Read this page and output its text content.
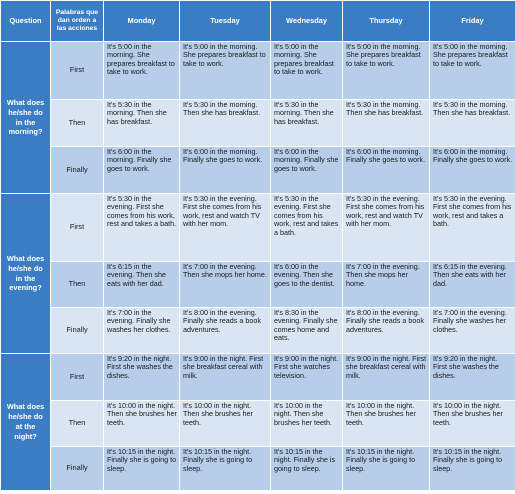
Question	Palabras que dan orden a las acciones	Monday	Tuesday	Wednesday	Thursday	Friday
What does he/she do in the morning?	First	It's 5:00 in the morning. She prepares breakfast to take to work.	It's 5:00 in the morning. She prepares breakfast to take to work.	It's 5:00 in the morning. She prepares breakfast to take to work.	It's 5:00 in the morning. She prepares breakfast to take to work.	It's 5:00 in the morning. She prepares breakfast to take to work.
	Then	It's 5:30 in the morning. Then she has breakfast.	It's 5:30 in the morning. Then she has breakfast.	It's 5:30 in the morning. Then she has breakfast.	It's 5:30 in the morning. Then she has breakfast.	It's 5:30 in the morning. Then she has breakfast.
	Finally	It's 6:00 in the morning. Finally she goes to work.	It's 6:00 in the morning. Finally she goes to work.	It's 6:00 in the morning. Finally she goes to work.	It's 6:00 in the morning. Finally she goes to work.	It's 6:00 in the morning. Finally she goes to work.
What does he/she do in the evening?	First	It's 5:30 in the evening. First she comes from his work, rest and takes a bath.	It's 5:30 in the evening. First she comes from his work, rest and watch TV with her mom.	It's 5:30 in the evening. First she comes from his work, rest and takes a bath.	It's 5:30 in the evening. First she comes from his work, rest and watch TV with her mom.	It's 5:30 in the evening. First she comes from his work, rest and takes a bath.
	Then	It's 6:15 in the evening. Then she eats with her dad.	It's 7:00 in the evening. Then she mops her home.	It's 6:00 in the evening. Then she goes to the dentist.	It's 7:00 in the evening. Then she mops her home.	It's 6:15 in the evening. Then she eats with her dad.
	Finally	It's 7:00 in the evening. Finally she washes her clothes.	It's 8:00 in the evening. Finally she reads a book adventures.	It's 8:30 in the evening. Finally she comes home and eats.	It's 8:00 in the evening. Finally she reads a book adventures.	It's 7:00 in the evening. Finally she washes her clothes.
What does he/she do at the night?	First	It's 9:20 in the night. First she washes the dishes.	It's 9:00 in the night. First she breakfast cereal with milk.	It's 9:00 in the night. First she watches television.	It's 9:00 in the night. First she breakfast cereal with milk.	It's 9:20 in the night. First she washes the dishes.
	Then	It's 10:00 in the night. Then she brushes her teeth.	It's 10:00 in the night. Then she brushes her teeth.	It's 10:00 in the night. Then she brushes her teeth.	It's 10:00 in the night. Then she brushes her teeth.	It's 10:00 in the night. Then she brushes her teeth.
	Finally	It's 10:15 in the night. Finally she is going to sleep.	It's 10:15 in the night. Finally she is going to sleep.	It's 10:15 in the night. Finally she is going to sleep.	It's 10:15 in the night. Finally she is going to sleep.	It's 10:15 in the night. Finally she is going to sleep.
